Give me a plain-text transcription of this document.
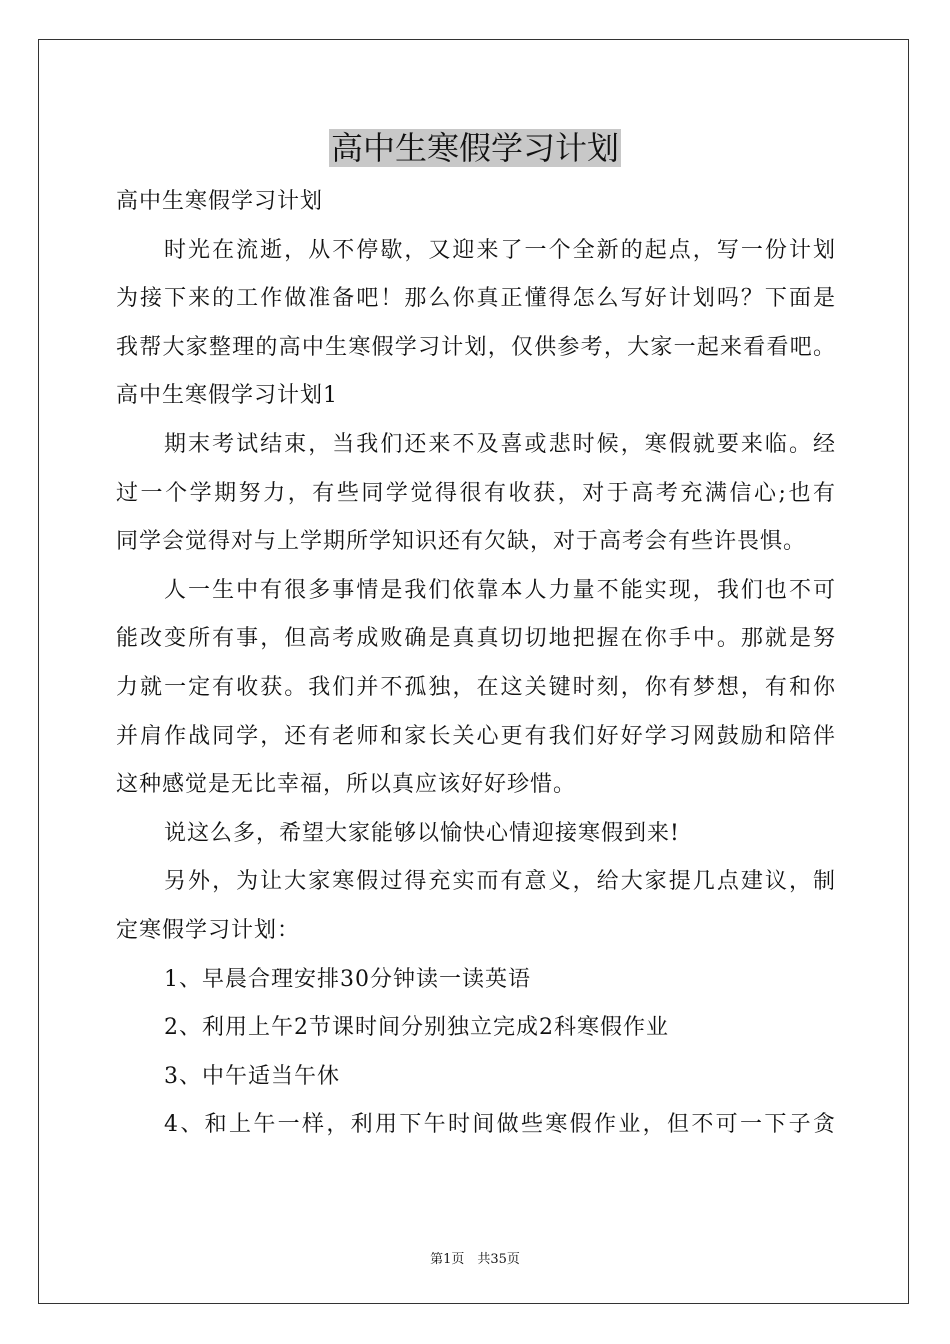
高中生寒假学习计划
高中生寒假学习计划
时光在流逝，从不停歇，又迎来了一个全新的起点，写一份计划
为接下来的工作做准备吧！那么你真正懂得怎么写好计划吗？下面是
我帮大家整理的高中生寒假学习计划，仅供参考，大家一起来看看吧。
高中生寒假学习计划1
期末考试结束，当我们还来不及喜或悲时候，寒假就要来临。经
过一个学期努力，有些同学觉得很有收获，对于高考充满信心;也有
同学会觉得对与上学期所学知识还有欠缺，对于高考会有些许畏惧。
人一生中有很多事情是我们依靠本人力量不能实现，我们也不可
能改变所有事，但高考成败确是真真切切地把握在你手中。那就是努
力就一定有收获。我们并不孤独，在这关键时刻，你有梦想，有和你
并肩作战同学，还有老师和家长关心更有我们好好学习网鼓励和陪伴
这种感觉是无比幸福，所以真应该好好珍惜。
说这么多，希望大家能够以愉快心情迎接寒假到来!
另外，为让大家寒假过得充实而有意义，给大家提几点建议，制
定寒假学习计划：
1、早晨合理安排30分钟读一读英语
2、利用上午2节课时间分别独立完成2科寒假作业
3、中午适当午休
4、和上午一样，利用下午时间做些寒假作业，但不可一下子贪
第1页　共35页
